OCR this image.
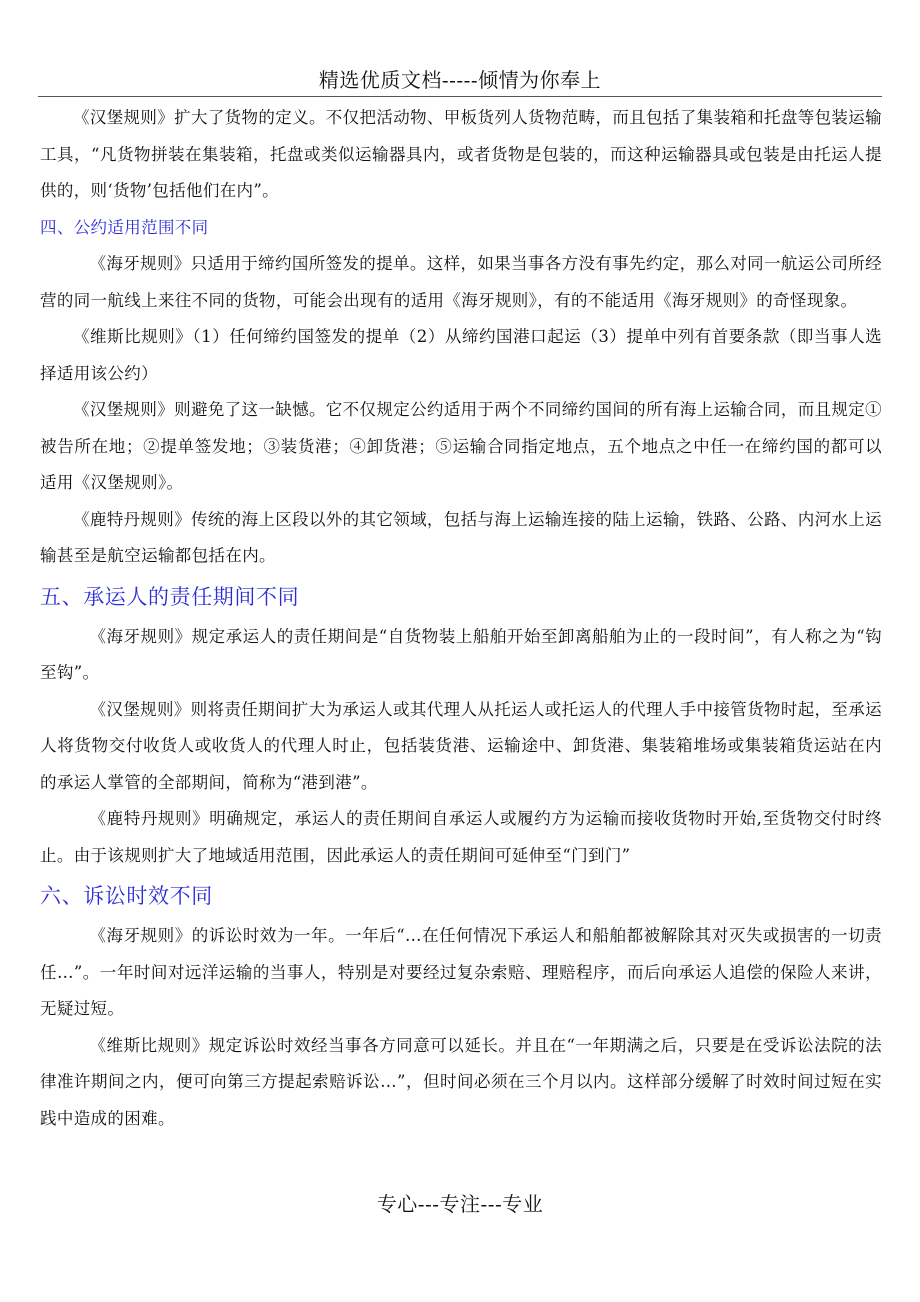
精选优质文档-----倾情为你奉上

《汉堡规则》扩大了货物的定义。不仅把活动物、甲板货列人货物范畴，而且包括了集装箱和托盘等包装运输工具，“凡货物拼装在集装箱，托盘或类似运输器具内，或者货物是包装的，而这种运输器具或包装是由托运人提供的，则‘货物’包括他们在内”。

四、公约适用范围不同

《海牙规则》只适用于缔约国所签发的提单。这样，如果当事各方没有事先约定，那么对同一航运公司所经营的同一航线上来往不同的货物，可能会出现有的适用《海牙规则》，有的不能适用《海牙规则》的奇怪现象。

《维斯比规则》（1）任何缔约国签发的提单（2）从缔约国港口起运（3）提单中列有首要条款（即当事人选择适用该公约）

《汉堡规则》则避免了这一缺憾。它不仅规定公约适用于两个不同缔约国间的所有海上运输合同，而且规定①被告所在地；②提单签发地；③装货港；④卸货港；⑤运输合同指定地点，五个地点之中任一在缔约国的都可以适用《汉堡规则》。

《鹿特丹规则》传统的海上区段以外的其它领域，包括与海上运输连接的陆上运输，铁路、公路、内河水上运输甚至是航空运输都包括在内。

五、承运人的责任期间不同

《海牙规则》规定承运人的责任期间是“自货物装上船舶开始至卸离船舶为止的一段时间”，有人称之为“钩至钩”。

《汉堡规则》则将责任期间扩大为承运人或其代理人从托运人或托运人的代理人手中接管货物时起，至承运人将货物交付收货人或收货人的代理人时止，包括装货港、运输途中、卸货港、集装箱堆场或集装箱货运站在内的承运人掌管的全部期间，简称为“港到港”。

《鹿特丹规则》明确规定，承运人的责任期间自承运人或履约方为运输而接收货物时开始,至货物交付时终止。由于该规则扩大了地域适用范围，因此承运人的责任期间可延伸至“门到门”

六、诉讼时效不同

《海牙规则》的诉讼时效为一年。一年后“…在任何情况下承运人和船舶都被解除其对灭失或损害的一切责任…”。一年时间对远洋运输的当事人，特别是对要经过复杂索赔、理赔程序，而后向承运人追偿的保险人来讲，无疑过短。

《维斯比规则》规定诉讼时效经当事各方同意可以延长。并且在“一年期满之后，只要是在受诉讼法院的法律准许期间之内，便可向第三方提起索赔诉讼…”，但时间必须在三个月以内。这样部分缓解了时效时间过短在实践中造成的困难。

专心---专注---专业
